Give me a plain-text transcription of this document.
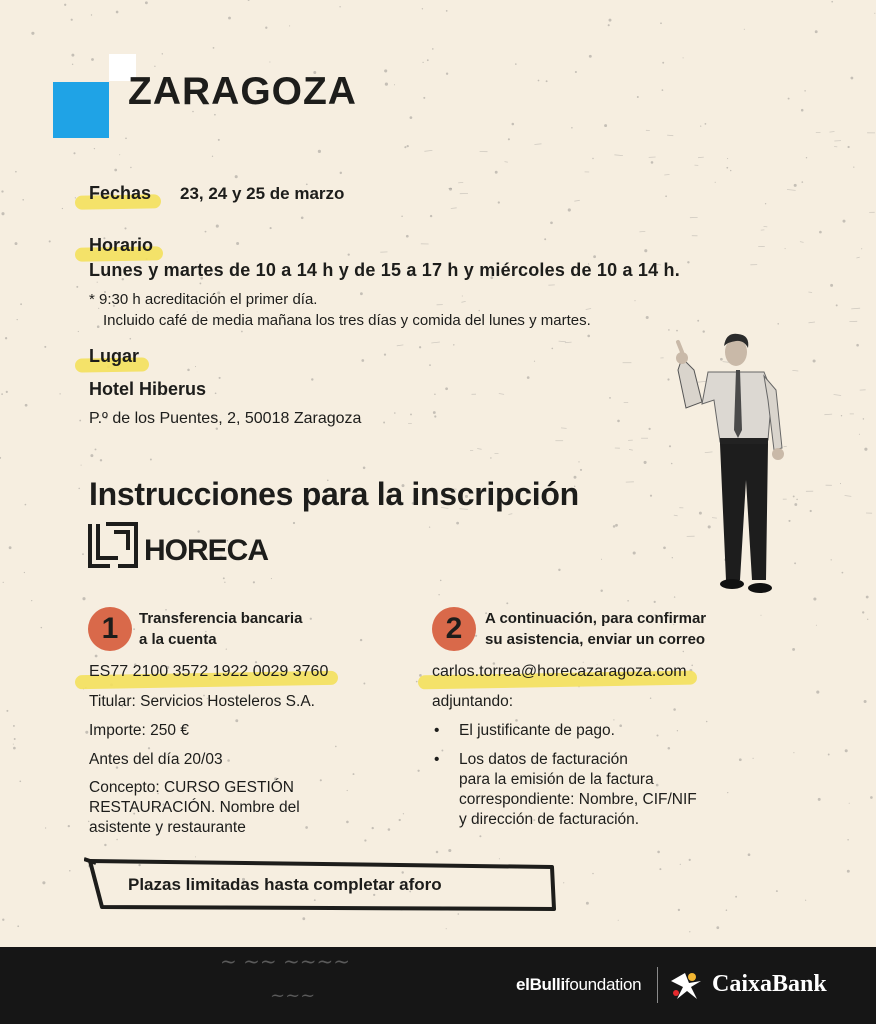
ZARAGOZA
Fechas 23, 24 y 25 de marzo
Horario
Lunes y martes de 10 a 14 h y de 15 a 17 h y miércoles de 10 a 14 h.
* 9:30 h acreditación el primer día.
Incluido café de media mañana los tres días y comida del lunes y martes.
Lugar
Hotel Hiberus
P.º de los Puentes, 2, 50018 Zaragoza
Instrucciones para la inscripción
HORECA
1	Transferencia bancaria
a la cuenta
ES77 2100 3572 1922 0029 3760
Titular: Servicios Hosteleros S.A.
Importe: 250 €
Antes del día 20/03
Concepto: CURSO GESTIÓN
RESTAURACIÓN. Nombre del
asistente y restaurante
2	A continuación, para confirmar
su asistencia, enviar un correo
carlos.torrea@horecazaragoza.com
adjuntando:
• El justificante de pago.
• Los datos de facturación
para la emisión de la factura
correspondiente: Nombre, CIF/NIF
y dirección de facturación.
Plazas limitadas hasta completar aforo
~ ~~ ~~~~
~~~
elBullifoundation	CaixaBank
